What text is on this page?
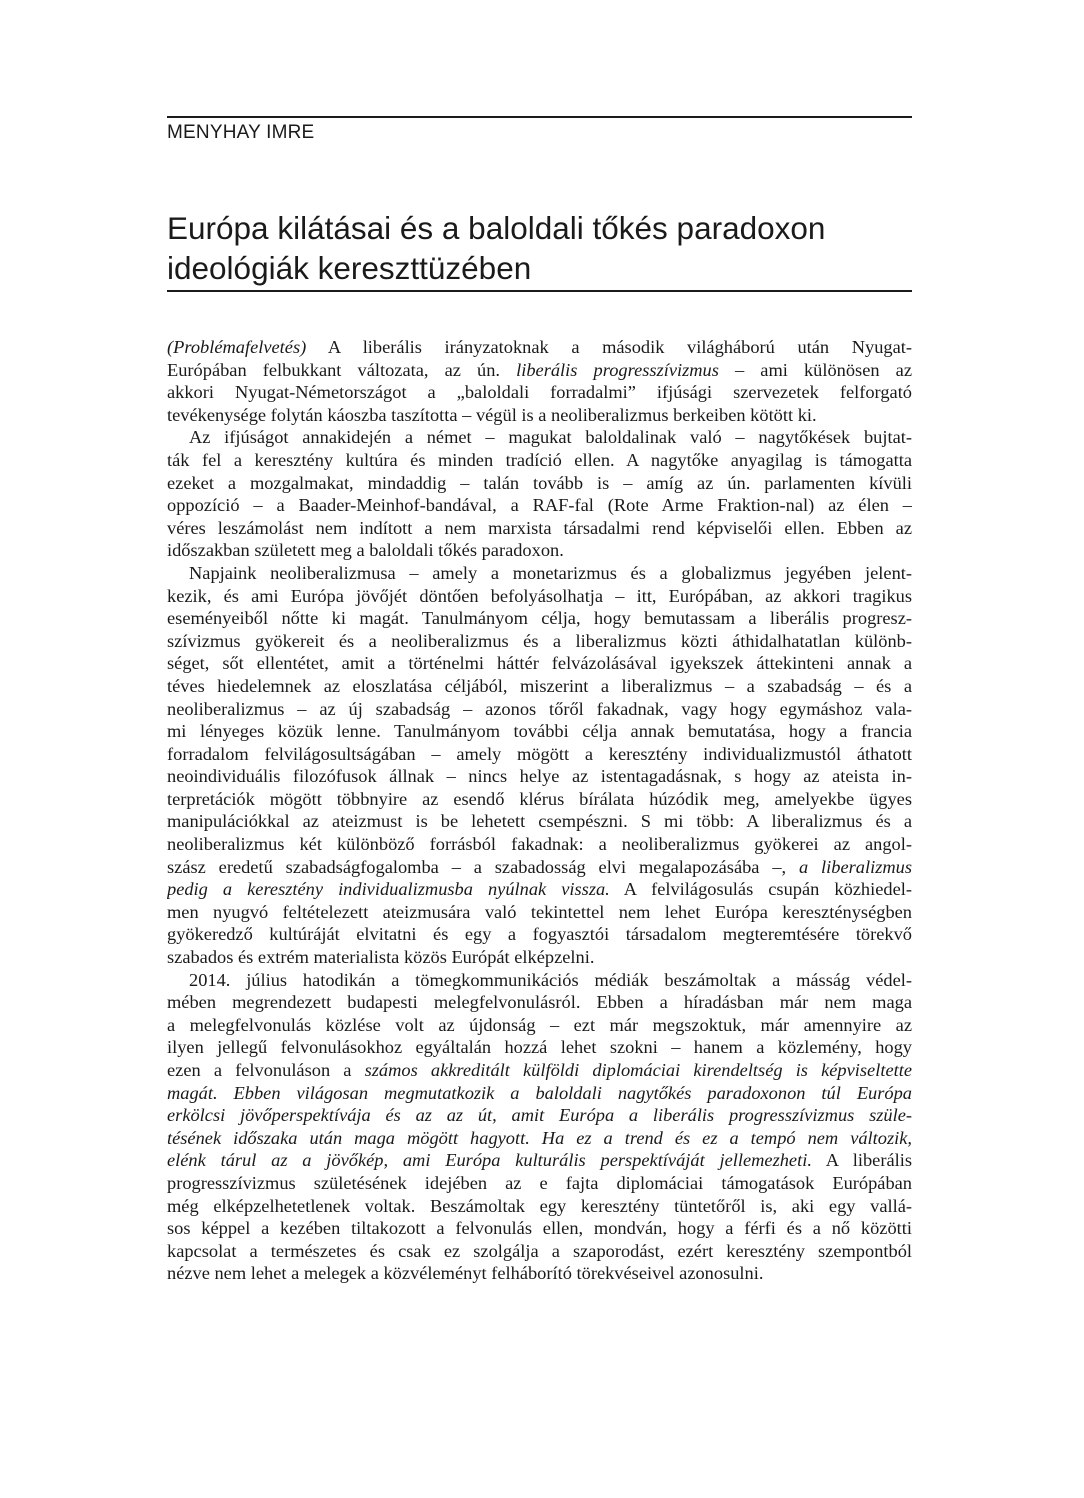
MENYHAY IMRE
Európa kilátásai és a baloldali tőkés paradoxon
ideológiák kereszttüzében
(Problémafelvetés) A liberális irányzatoknak a második világháború után Nyugat-
Európában felbukkant változata, az ún. liberális progresszívizmus – ami különösen az
akkori Nyugat-Németországot a „baloldali forradalmi” ifjúsági szervezetek felforgató
tevékenysége folytán káoszba taszította – végül is a neoliberalizmus berkeiben kötött ki.
Az ifjúságot annakidején a német – magukat baloldalinak való – nagytőkések bujtat-
ták fel a keresztény kultúra és minden tradíció ellen. A nagytőke anyagilag is támogatta
ezeket a mozgalmakat, mindaddig – talán tovább is – amíg az ún. parlamenten kívüli
oppozíció – a Baader-Meinhof-bandával, a RAF-fal (Rote Arme Fraktion-nal) az élen –
véres leszámolást nem indított a nem marxista társadalmi rend képviselői ellen. Ebben az
időszakban született meg a baloldali tőkés paradoxon.
Napjaink neoliberalizmusa – amely a monetarizmus és a globalizmus jegyében jelent-
kezik, és ami Európa jövőjét döntően befolyásolhatja – itt, Európában, az akkori tragikus
eseményeiből nőtte ki magát. Tanulmányom célja, hogy bemutassam a liberális progresz-
szívizmus gyökereit és a neoliberalizmus és a liberalizmus közti áthidalhatatlan különb-
séget, sőt ellentétet, amit a történelmi háttér felvázolásával igyekszek áttekinteni annak a
téves hiedelemnek az eloszlatása céljából, miszerint a liberalizmus – a szabadság – és a
neoliberalizmus – az új szabadság – azonos tőről fakadnak, vagy hogy egymáshoz vala-
mi lényeges közük lenne. Tanulmányom további célja annak bemutatása, hogy a francia
forradalom felvilágosultságában – amely mögött a keresztény individualizmustól áthatott
neoindividuális filozófusok állnak – nincs helye az istentagadásnak, s hogy az ateista in-
terpretációk mögött többnyire az esendő klérus bírálata húzódik meg, amelyekbe ügyes
manipulációkkal az ateizmust is be lehetett csempészni. S mi több: A liberalizmus és a
neoliberalizmus két különböző forrásból fakadnak: a neoliberalizmus gyökerei az angol-
szász eredetű szabadságfogalomba – a szabadosság elvi megalapozásába –, a liberalizmus
pedig a keresztény individualizmusba nyúlnak vissza. A felvilágosulás csupán közhiedel-
men nyugvó feltételezett ateizmusára való tekintettel nem lehet Európa kereszténységben
gyökeredző kultúráját elvitatni és egy a fogyasztói társadalom megteremtésére törekvő
szabados és extrém materialista közös Európát elképzelni.
2014. július hatodikán a tömegkommunikációs médiák beszámoltak a másság védel-
mében megrendezett budapesti melegfelvonulásról. Ebben a híradásban már nem maga
a melegfelvonulás közlése volt az újdonság – ezt már megszoktuk, már amennyire az
ilyen jellegű felvonulásokhoz egyáltalán hozzá lehet szokni – hanem a közlemény, hogy
ezen a felvonuláson a számos akkreditált külföldi diplomáciai kirendeltség is képviseltette
magát. Ebben világosan megmutatkozik a baloldali nagytőkés paradoxonon túl Európa
erkölcsi jövőperspektívája és az az út, amit Európa a liberális progresszívizmus szüle-
tésének időszaka után maga mögött hagyott. Ha ez a trend és ez a tempó nem változik,
elénk tárul az a jövőkép, ami Európa kulturális perspektíváját jellemezheti. A liberális
progresszívizmus születésének idejében az e fajta diplomáciai támogatások Európában
még elképzelhetetlenek voltak. Beszámoltak egy keresztény tüntetőről is, aki egy vallá-
sos képpel a kezében tiltakozott a felvonulás ellen, mondván, hogy a férfi és a nő közötti
kapcsolat a természetes és csak ez szolgálja a szaporodást, ezért keresztény szempontból
nézve nem lehet a melegek a közvéleményt felháborító törekvéseivel azonosulni.
